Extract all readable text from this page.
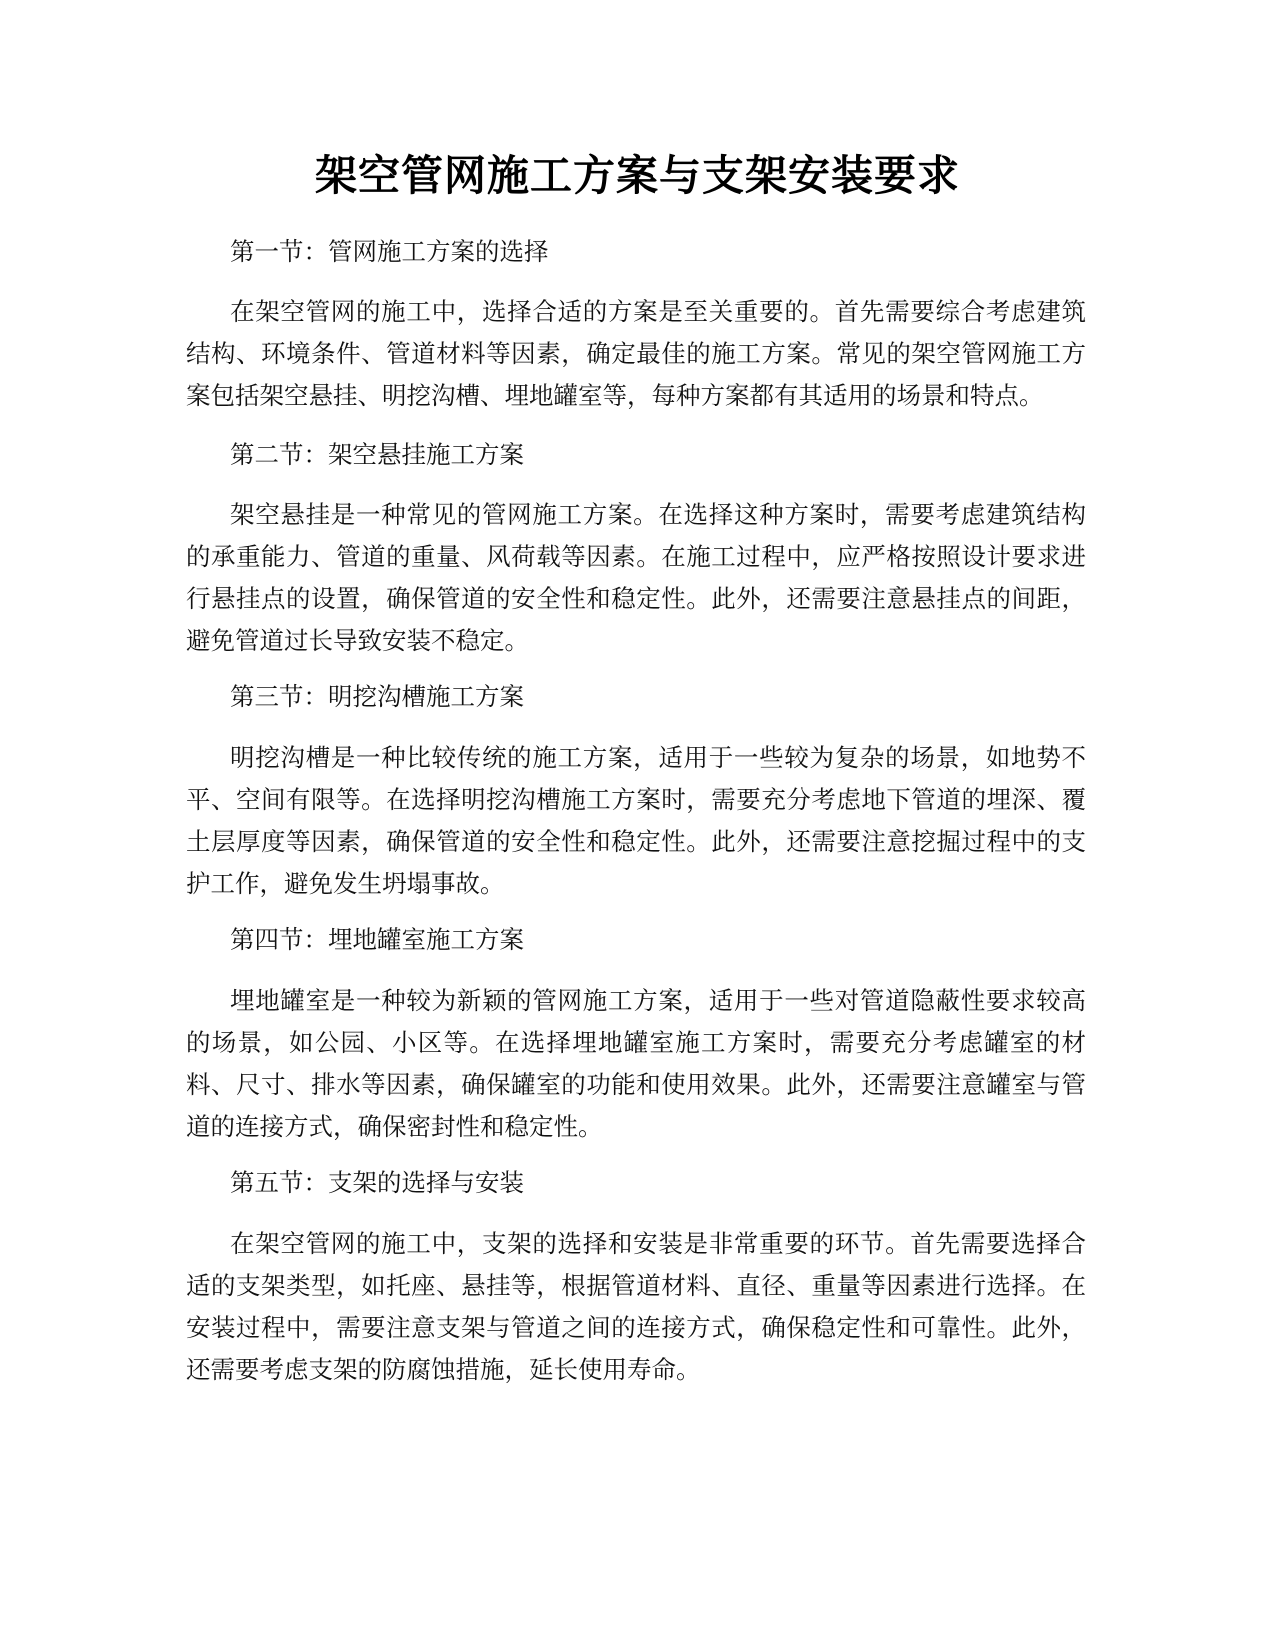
架空管网施工方案与支架安装要求

第一节：管网施工方案的选择

在架空管网的施工中，选择合适的方案是至关重要的。首先需要综合考虑建筑结构、环境条件、管道材料等因素，确定最佳的施工方案。常见的架空管网施工方案包括架空悬挂、明挖沟槽、埋地罐室等，每种方案都有其适用的场景和特点。

第二节：架空悬挂施工方案

架空悬挂是一种常见的管网施工方案。在选择这种方案时，需要考虑建筑结构的承重能力、管道的重量、风荷载等因素。在施工过程中，应严格按照设计要求进行悬挂点的设置，确保管道的安全性和稳定性。此外，还需要注意悬挂点的间距，避免管道过长导致安装不稳定。

第三节：明挖沟槽施工方案

明挖沟槽是一种比较传统的施工方案，适用于一些较为复杂的场景，如地势不平、空间有限等。在选择明挖沟槽施工方案时，需要充分考虑地下管道的埋深、覆土层厚度等因素，确保管道的安全性和稳定性。此外，还需要注意挖掘过程中的支护工作，避免发生坍塌事故。

第四节：埋地罐室施工方案

埋地罐室是一种较为新颖的管网施工方案，适用于一些对管道隐蔽性要求较高的场景，如公园、小区等。在选择埋地罐室施工方案时，需要充分考虑罐室的材料、尺寸、排水等因素，确保罐室的功能和使用效果。此外，还需要注意罐室与管道的连接方式，确保密封性和稳定性。

第五节：支架的选择与安装

在架空管网的施工中，支架的选择和安装是非常重要的环节。首先需要选择合适的支架类型，如托座、悬挂等，根据管道材料、直径、重量等因素进行选择。在安装过程中，需要注意支架与管道之间的连接方式，确保稳定性和可靠性。此外，还需要考虑支架的防腐蚀措施，延长使用寿命。
